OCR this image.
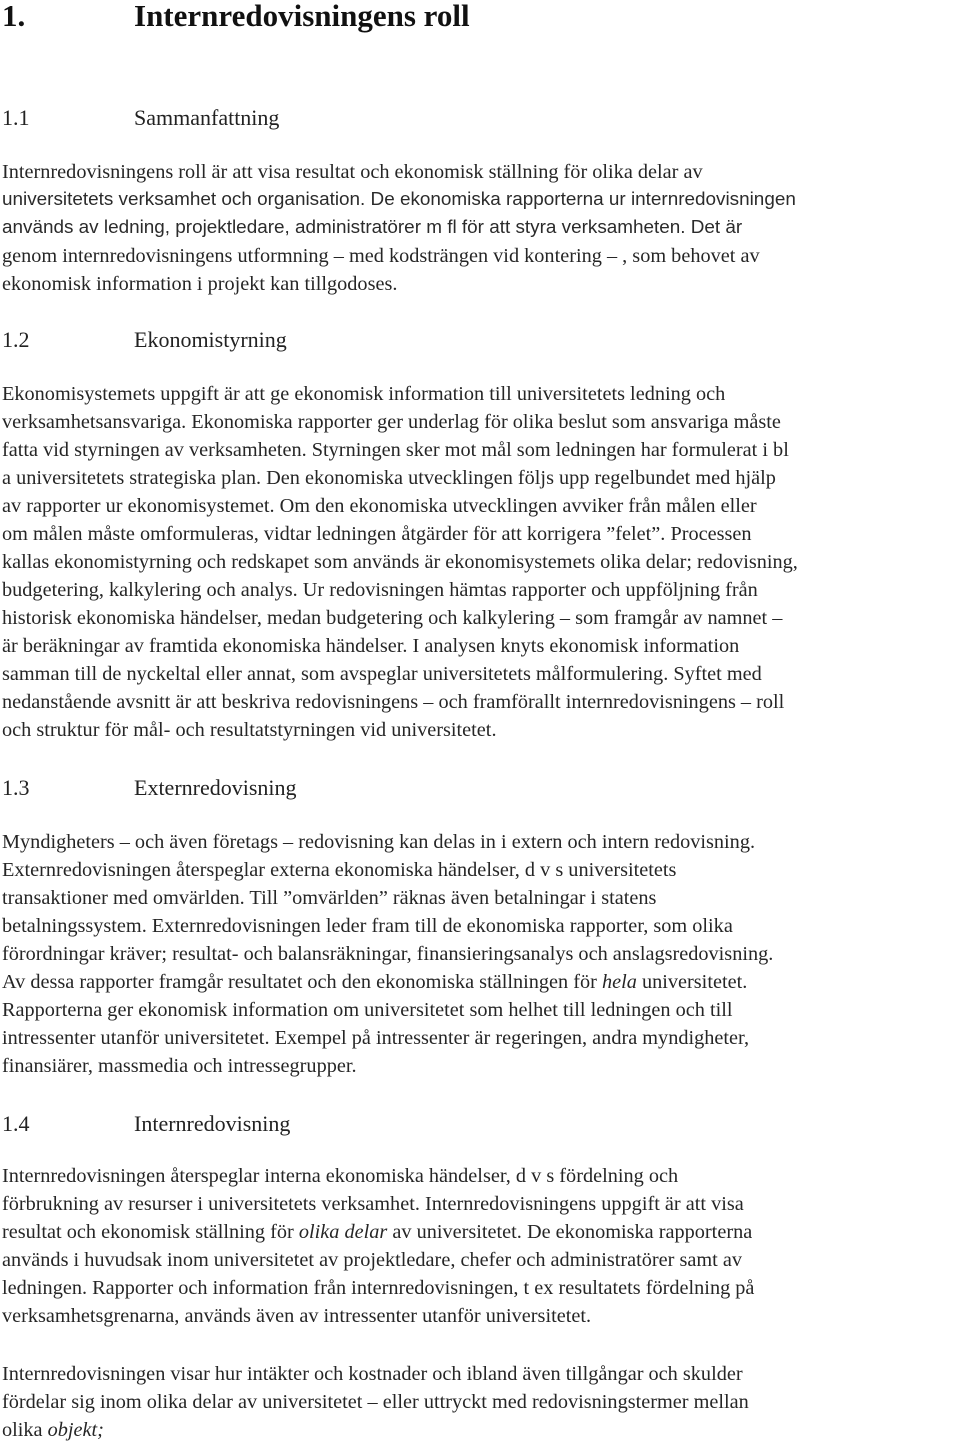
1.	Internredovisningens roll
1.1	Sammanfattning
Internredovisningens roll är att visa resultat och ekonomisk ställning för olika delar av
universitetets verksamhet och organisation. De ekonomiska rapporterna ur internredovisningen
används av ledning, projektledare, administratörer m fl för att styra verksamheten. Det är
genom internredovisningens utformning – med kodsträngen vid kontering – , som behovet av
ekonomisk information i projekt kan tillgodoses.
1.2	Ekonomistyrning
Ekonomisystemets uppgift är att ge ekonomisk information till universitetets ledning och
verksamhetsansvariga. Ekonomiska rapporter ger underlag för olika beslut som ansvariga måste
fatta vid styrningen av verksamheten. Styrningen sker mot mål som ledningen har formulerat i bl
a universitetets strategiska plan. Den ekonomiska utvecklingen följs upp regelbundet med hjälp
av rapporter ur ekonomisystemet. Om den ekonomiska utvecklingen avviker från målen eller
om målen måste omformuleras, vidtar ledningen åtgärder för att korrigera ”felet”. Processen
kallas ekonomistyrning och redskapet som används är ekonomisystemets olika delar; redovisning,
budgetering, kalkylering och analys. Ur redovisningen hämtas rapporter och uppföljning från
historisk ekonomiska händelser, medan budgetering och kalkylering – som framgår av namnet –
är beräkningar av framtida ekonomiska händelser. I analysen knyts ekonomisk information
samman till de nyckeltal eller annat, som avspeglar universitetets målformulering. Syftet med
nedanstående avsnitt är att beskriva redovisningens – och framförallt internredovisningens – roll
och struktur för mål- och resultatstyrningen vid universitetet.
1.3	Externredovisning
Myndigheters – och även företags – redovisning kan delas in i extern och intern redovisning.
Externredovisningen återspeglar externa ekonomiska händelser, d v s universitetets
transaktioner med omvärlden. Till ”omvärlden” räknas även betalningar i statens
betalningssystem. Externredovisningen leder fram till de ekonomiska rapporter, som olika
förordningar kräver; resultat- och balansräkningar, finansieringsanalys och anslagsredovisning.
Av dessa rapporter framgår resultatet och den ekonomiska ställningen för hela universitetet.
Rapporterna ger ekonomisk information om universitetet som helhet till ledningen och till
intressenter utanför universitetet. Exempel på intressenter är regeringen, andra myndigheter,
finansiärer, massmedia och intressegrupper.
1.4	Internredovisning
Internredovisningen återspeglar interna ekonomiska händelser, d v s fördelning och
förbrukning av resurser i universitetets verksamhet. Internredovisningens uppgift är att visa
resultat och ekonomisk ställning för olika delar av universitetet. De ekonomiska rapporterna
används i huvudsak inom universitetet av projektledare, chefer och administratörer samt av
ledningen. Rapporter och information från internredovisningen, t ex resultatets fördelning på
verksamhetsgrenarna, används även av intressenter utanför universitetet.
Internredovisningen visar hur intäkter och kostnader och ibland även tillgångar och skulder
fördelar sig inom olika delar av universitetet – eller uttryckt med redovisningstermer mellan
olika objekt;
